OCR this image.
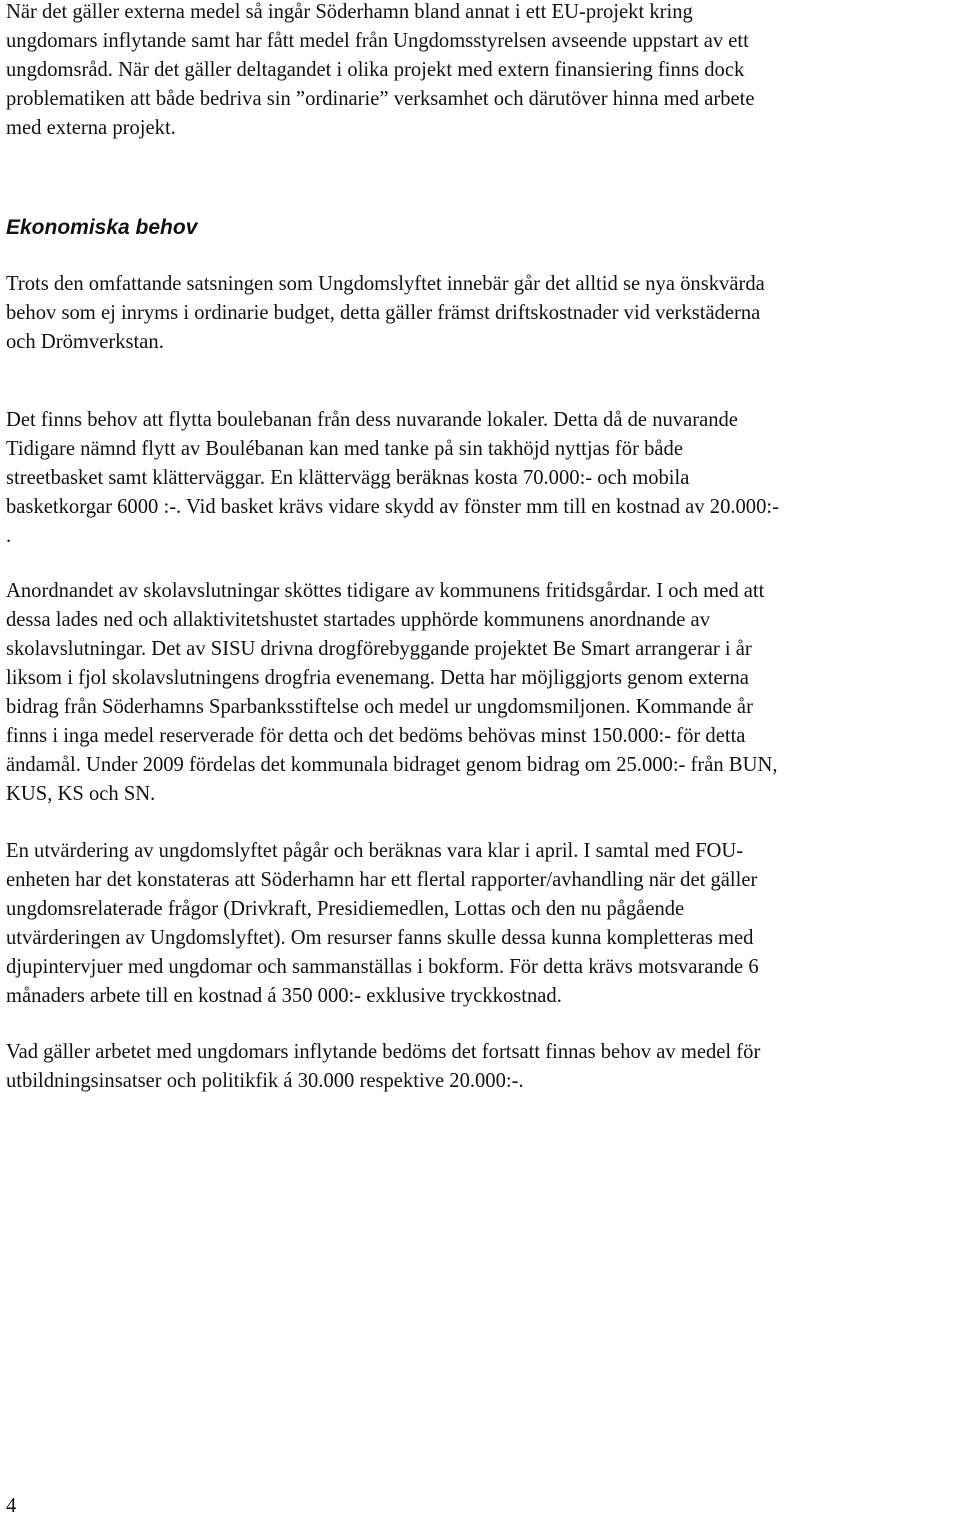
När det gäller externa medel så ingår Söderhamn bland annat i ett EU-projekt kring
ungdomars inflytande samt har fått medel från Ungdomsstyrelsen avseende uppstart av ett
ungdomsråd. När det gäller deltagandet i olika projekt med extern finansiering finns dock
problematiken att både bedriva sin ”ordinarie” verksamhet och därutöver hinna med arbete
med externa projekt.
Ekonomiska behov
Trots den omfattande satsningen som Ungdomslyftet innebär går det alltid se nya önskvärda
behov som ej inryms i ordinarie budget, detta gäller främst driftskostnader vid verkstäderna
och Drömverkstan.
Det finns behov att flytta boulebanan från dess nuvarande lokaler. Detta då de nuvarande
Tidigare nämnd flytt av Boulébanan kan med tanke på sin takhöjd nyttjas för både
streetbasket samt klätterväggar. En klättervägg beräknas kosta 70.000:- och mobila
basketkorgar 6000 :-. Vid basket krävs vidare skydd av fönster mm till en kostnad av 20.000:-
.
Anordnandet av skolavslutningar sköttes tidigare av kommunens fritidsgårdar. I och med att
dessa lades ned och allaktivitetshustet startades upphörde kommunens anordnande av
skolavslutningar. Det av SISU drivna drogförebyggande projektet Be Smart arrangerar i år
liksom i fjol skolavslutningens drogfria evenemang. Detta har möjliggjorts genom externa
bidrag från Söderhamns Sparbanksstiftelse och medel ur ungdomsmiljonen. Kommande år
finns i inga medel reserverade för detta och det bedöms behövas minst 150.000:- för detta
ändamål. Under 2009 fördelas det kommunala bidraget genom bidrag om 25.000:- från BUN,
KUS, KS och SN.
En utvärdering av ungdomslyftet pågår och beräknas vara klar i april. I samtal med FOU-
enheten har det konstateras att Söderhamn har ett flertal rapporter/avhandling när det gäller
ungdomsrelaterade frågor (Drivkraft, Presidiemedlen, Lottas och den nu pågående
utvärderingen av Ungdomslyftet). Om resurser fanns skulle dessa kunna kompletteras med
djupintervjuer med ungdomar och sammanställas i bokform. För detta krävs motsvarande 6
månaders arbete till en kostnad á 350 000:- exklusive tryckkostnad.
Vad gäller arbetet med ungdomars inflytande bedöms det fortsatt finnas behov av medel för
utbildningsinsatser och politikfik á 30.000 respektive 20.000:-.
4
